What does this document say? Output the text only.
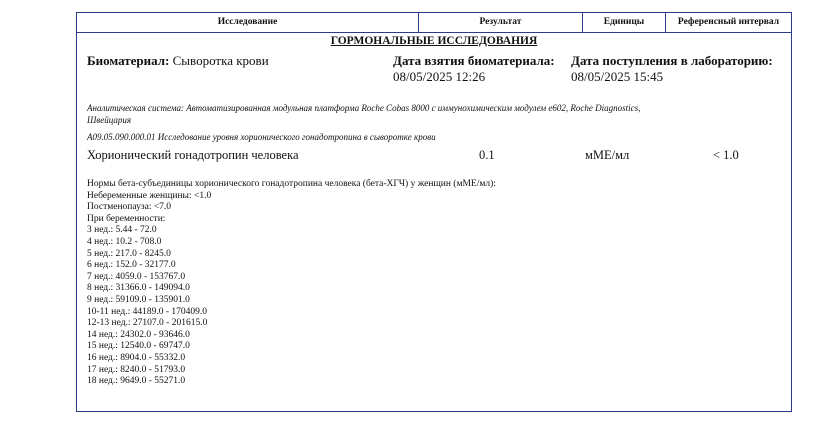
Исследование	Результат	Единицы	Референсный интервал
ГОРМОНАЛЬНЫЕ ИССЛЕДОВАНИЯ
Биоматериал: Сыворотка крови	Дата взятия биоматериала:
08/05/2025 12:26
Дата поступления в лабораторию:
08/05/2025 15:45
Аналитическая система: Автоматизированная модульная платформа Roche Cobas 8000 с иммунохимическим модулем e602, Roche Diagnostics,
Швейцария
A09.05.090.000.01 Исследование уровня хорионического гонадотропина в сыворотке крови
Хорионический гонадотропин человека	0.1	мМЕ/мл	< 1.0
Нормы бета-субъединицы хорионического гонадотропина человека (бета-ХГЧ) у женщин (мМЕ/мл):
Небеременные женщины: <1.0
Постменопауза: <7.0
При беременности:
3 нед.: 5.44 - 72.0
4 нед.: 10.2 - 708.0
5 нед.: 217.0 - 8245.0
6 нед.: 152.0 - 32177.0
7 нед.: 4059.0 - 153767.0
8 нед.: 31366.0 - 149094.0
9 нед.: 59109.0 - 135901.0
10-11 нед.: 44189.0 - 170409.0
12-13 нед.: 27107.0 - 201615.0
14 нед.: 24302.0 - 93646.0
15 нед.: 12540.0 - 69747.0
16 нед.: 8904.0 - 55332.0
17 нед.: 8240.0 - 51793.0
18 нед.: 9649.0 - 55271.0
